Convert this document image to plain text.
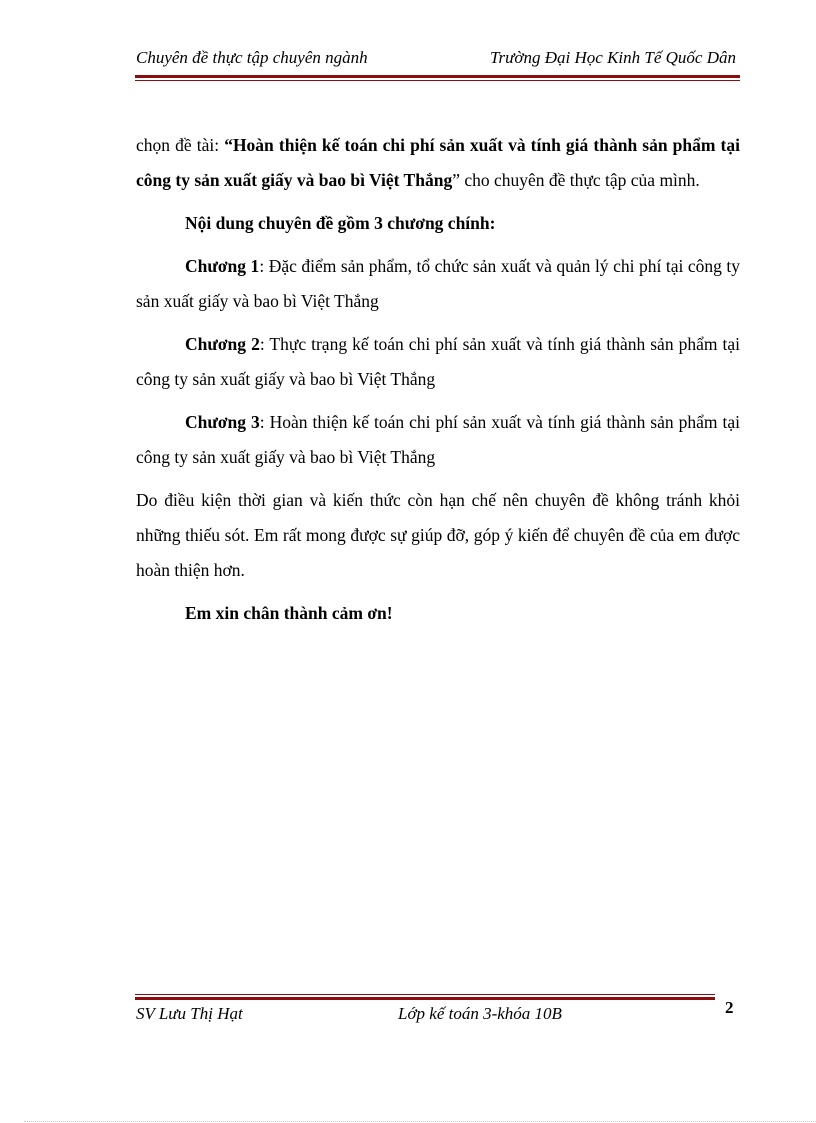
Chuyên đề thực tập chuyên ngành	Trường Đại Học Kinh Tế Quốc Dân

chọn đề tài: “Hoàn thiện kế toán chi phí sản xuất và tính giá thành sản phẩm tại công ty sản xuất giấy và bao bì Việt Thắng” cho chuyên đề thực tập của mình.

Nội dung chuyên đề gồm 3 chương chính:

Chương 1: Đặc điểm sản phẩm, tổ chức sản xuất và quản lý chi phí tại công ty sản xuất giấy và bao bì Việt Thắng

Chương 2: Thực trạng kế toán chi phí sản xuất và tính giá thành sản phẩm tại công ty sản xuất giấy và bao bì Việt Thắng

Chương 3: Hoàn thiện kế toán chi phí sản xuất và tính giá thành sản phẩm tại công ty sản xuất giấy và bao bì Việt Thắng

Do điều kiện thời gian và kiến thức còn hạn chế nên chuyên đề không tránh khỏi những thiếu sót. Em rất mong được sự giúp đỡ, góp ý kiến để chuyên đề của em được hoàn thiện hơn.

Em xin chân thành cảm ơn!

SV Lưu Thị Hạt	Lớp kế toán 3-khóa 10B	2
